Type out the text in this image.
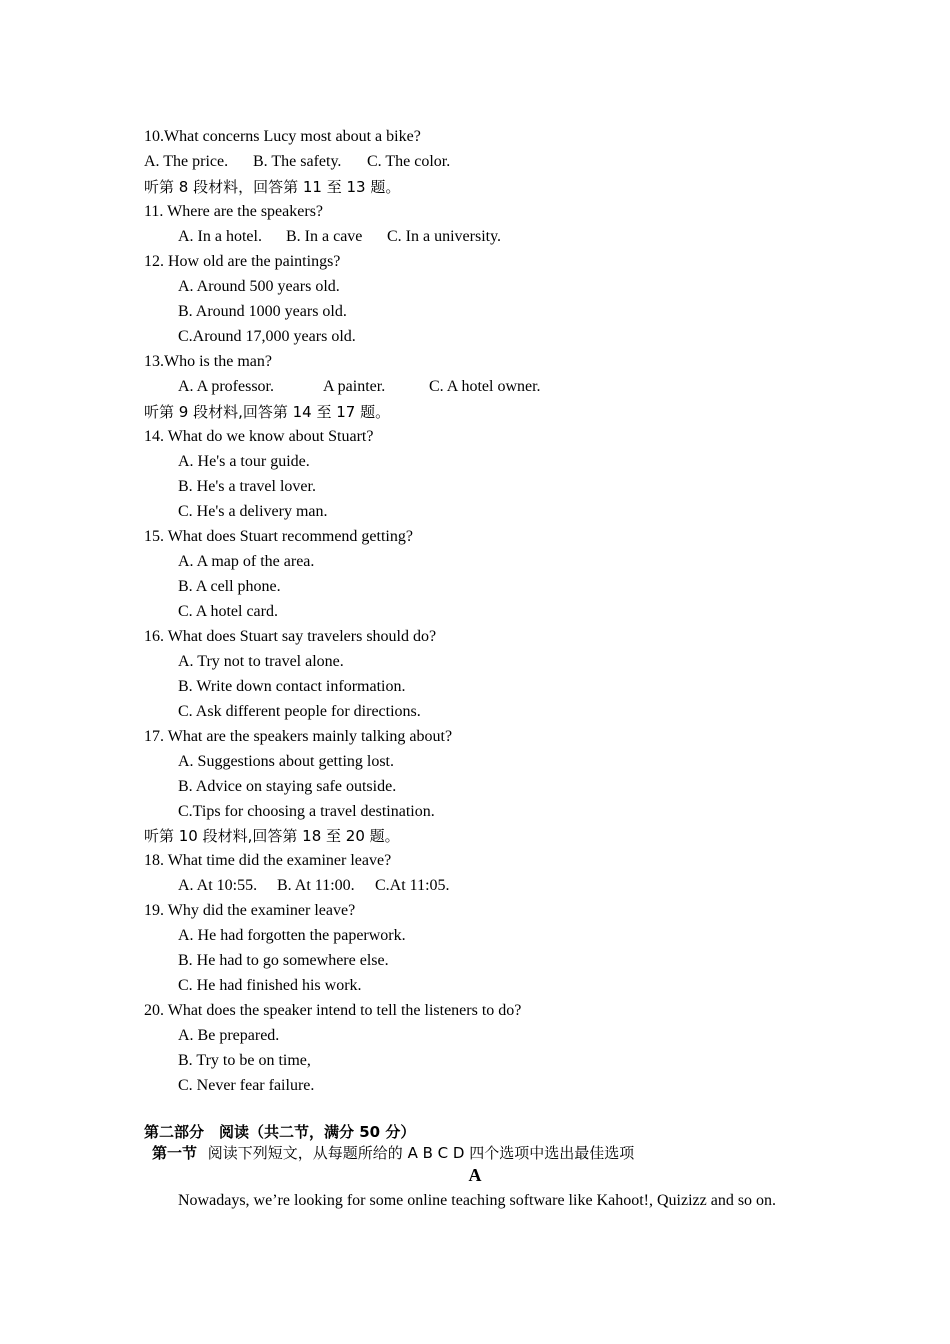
10.What concerns Lucy most about a bike?
A. The price. B. The safety. C. The color.
听第 8 段材料，回答第 11 至 13 题。
11. Where are the speakers?
A. In a hotel. B. In a cave C. In a university.
12. How old are the paintings?
A. Around 500 years old.
B. Around 1000 years old.
C.Around 17,000 years old.
13.Who is the man?
A. A professor.	A painter.	C. A hotel owner.
听第 9 段材料,回答第 14 至 17 题。
14. What do we know about Stuart?
A. He's a tour guide.
B. He's a travel lover.
C. He's a delivery man.
15. What does Stuart recommend getting?
A. A map of the area.
B. A cell phone.
C. A hotel card.
16. What does Stuart say travelers should do?
A. Try not to travel alone.
B. Write down contact information.
C. Ask different people for directions.
17. What are the speakers mainly talking about?
A. Suggestions about getting lost.
B. Advice on staying safe outside.
C.Tips for choosing a travel destination.
听第 10 段材料,回答第 18 至 20 题。
18. What time did the examiner leave?
A. At 10:55. B. At 11:00. C.At 11:05.
19. Why did the examiner leave?
A. He had forgotten the paperwork.
B. He had to go somewhere else.
C. He had finished his work.
20. What does the speaker intend to tell the listeners to do?
A. Be prepared.
B. Try to be on time,
C. Never fear failure.
第二部分　阅读（共二节，满分 50 分）
第一节 阅读下列短文，从每题所给的 A B C D 四个选项中选出最佳选项
A
Nowadays, we’re looking for some online teaching software like Kahoot!, Quizizz and so on.
